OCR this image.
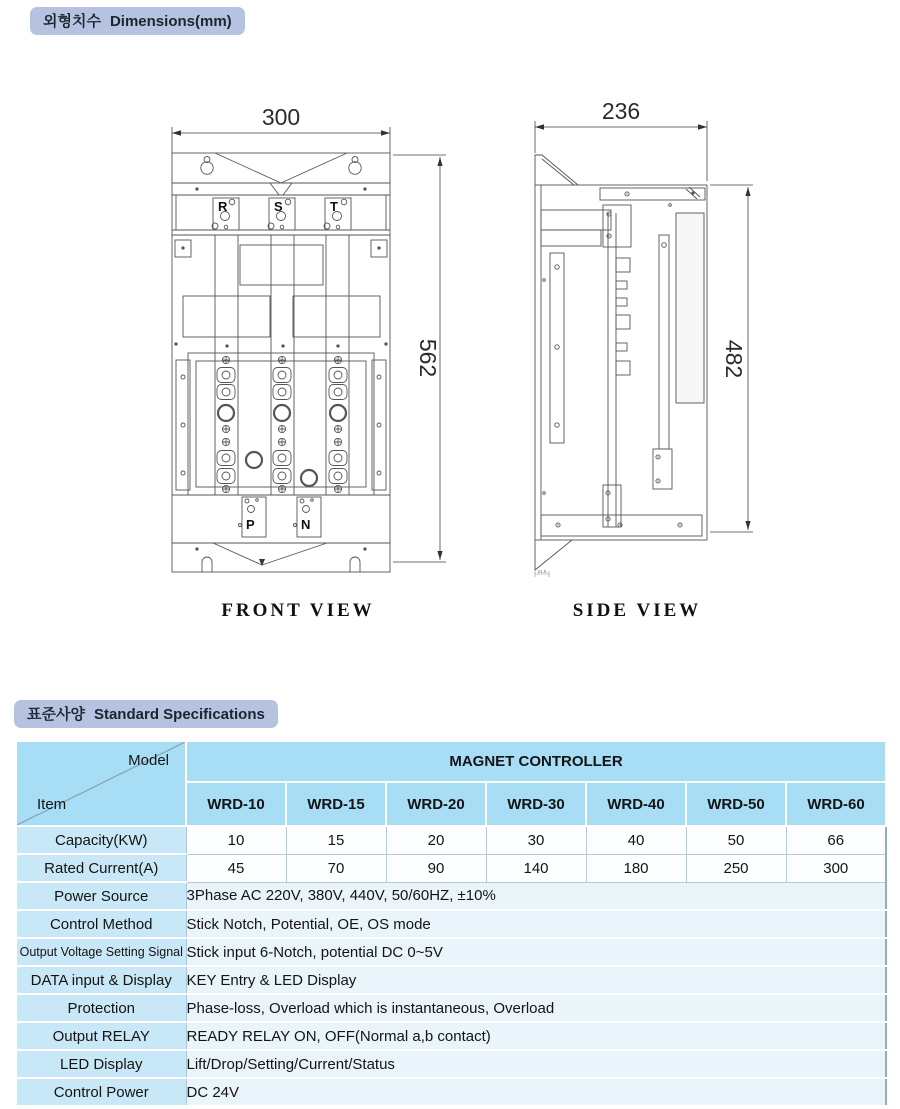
외형치수 Dimensions(mm)
300
562
R	S	T
P	N
FRONT VIEW
236
482
21.5
SIDE VIEW
표준사양 Standard Specifications
Model
Item	MAGNET CONTROLLER						
	WRD-10	WRD-15	WRD-20	WRD-30	WRD-40	WRD-50	WRD-60
Capacity(KW)	10	15	20	30	40	50	66
Rated Current(A)	45	70	90	140	180	250	300
Power Source	3Phase AC 220V, 380V, 440V, 50/60HZ, ±10%						
Control Method	Stick Notch, Potential, OE, OS mode						
Output Voltage Setting Signal	Stick input 6-Notch, potential DC 0~5V						
DATA input & Display	KEY Entry & LED Display						
Protection	Phase-loss, Overload which is instantaneous, Overload						
Output RELAY	READY RELAY ON, OFF(Normal a,b contact)						
LED Display	Lift/Drop/Setting/Current/Status						
Control Power	DC 24V						
